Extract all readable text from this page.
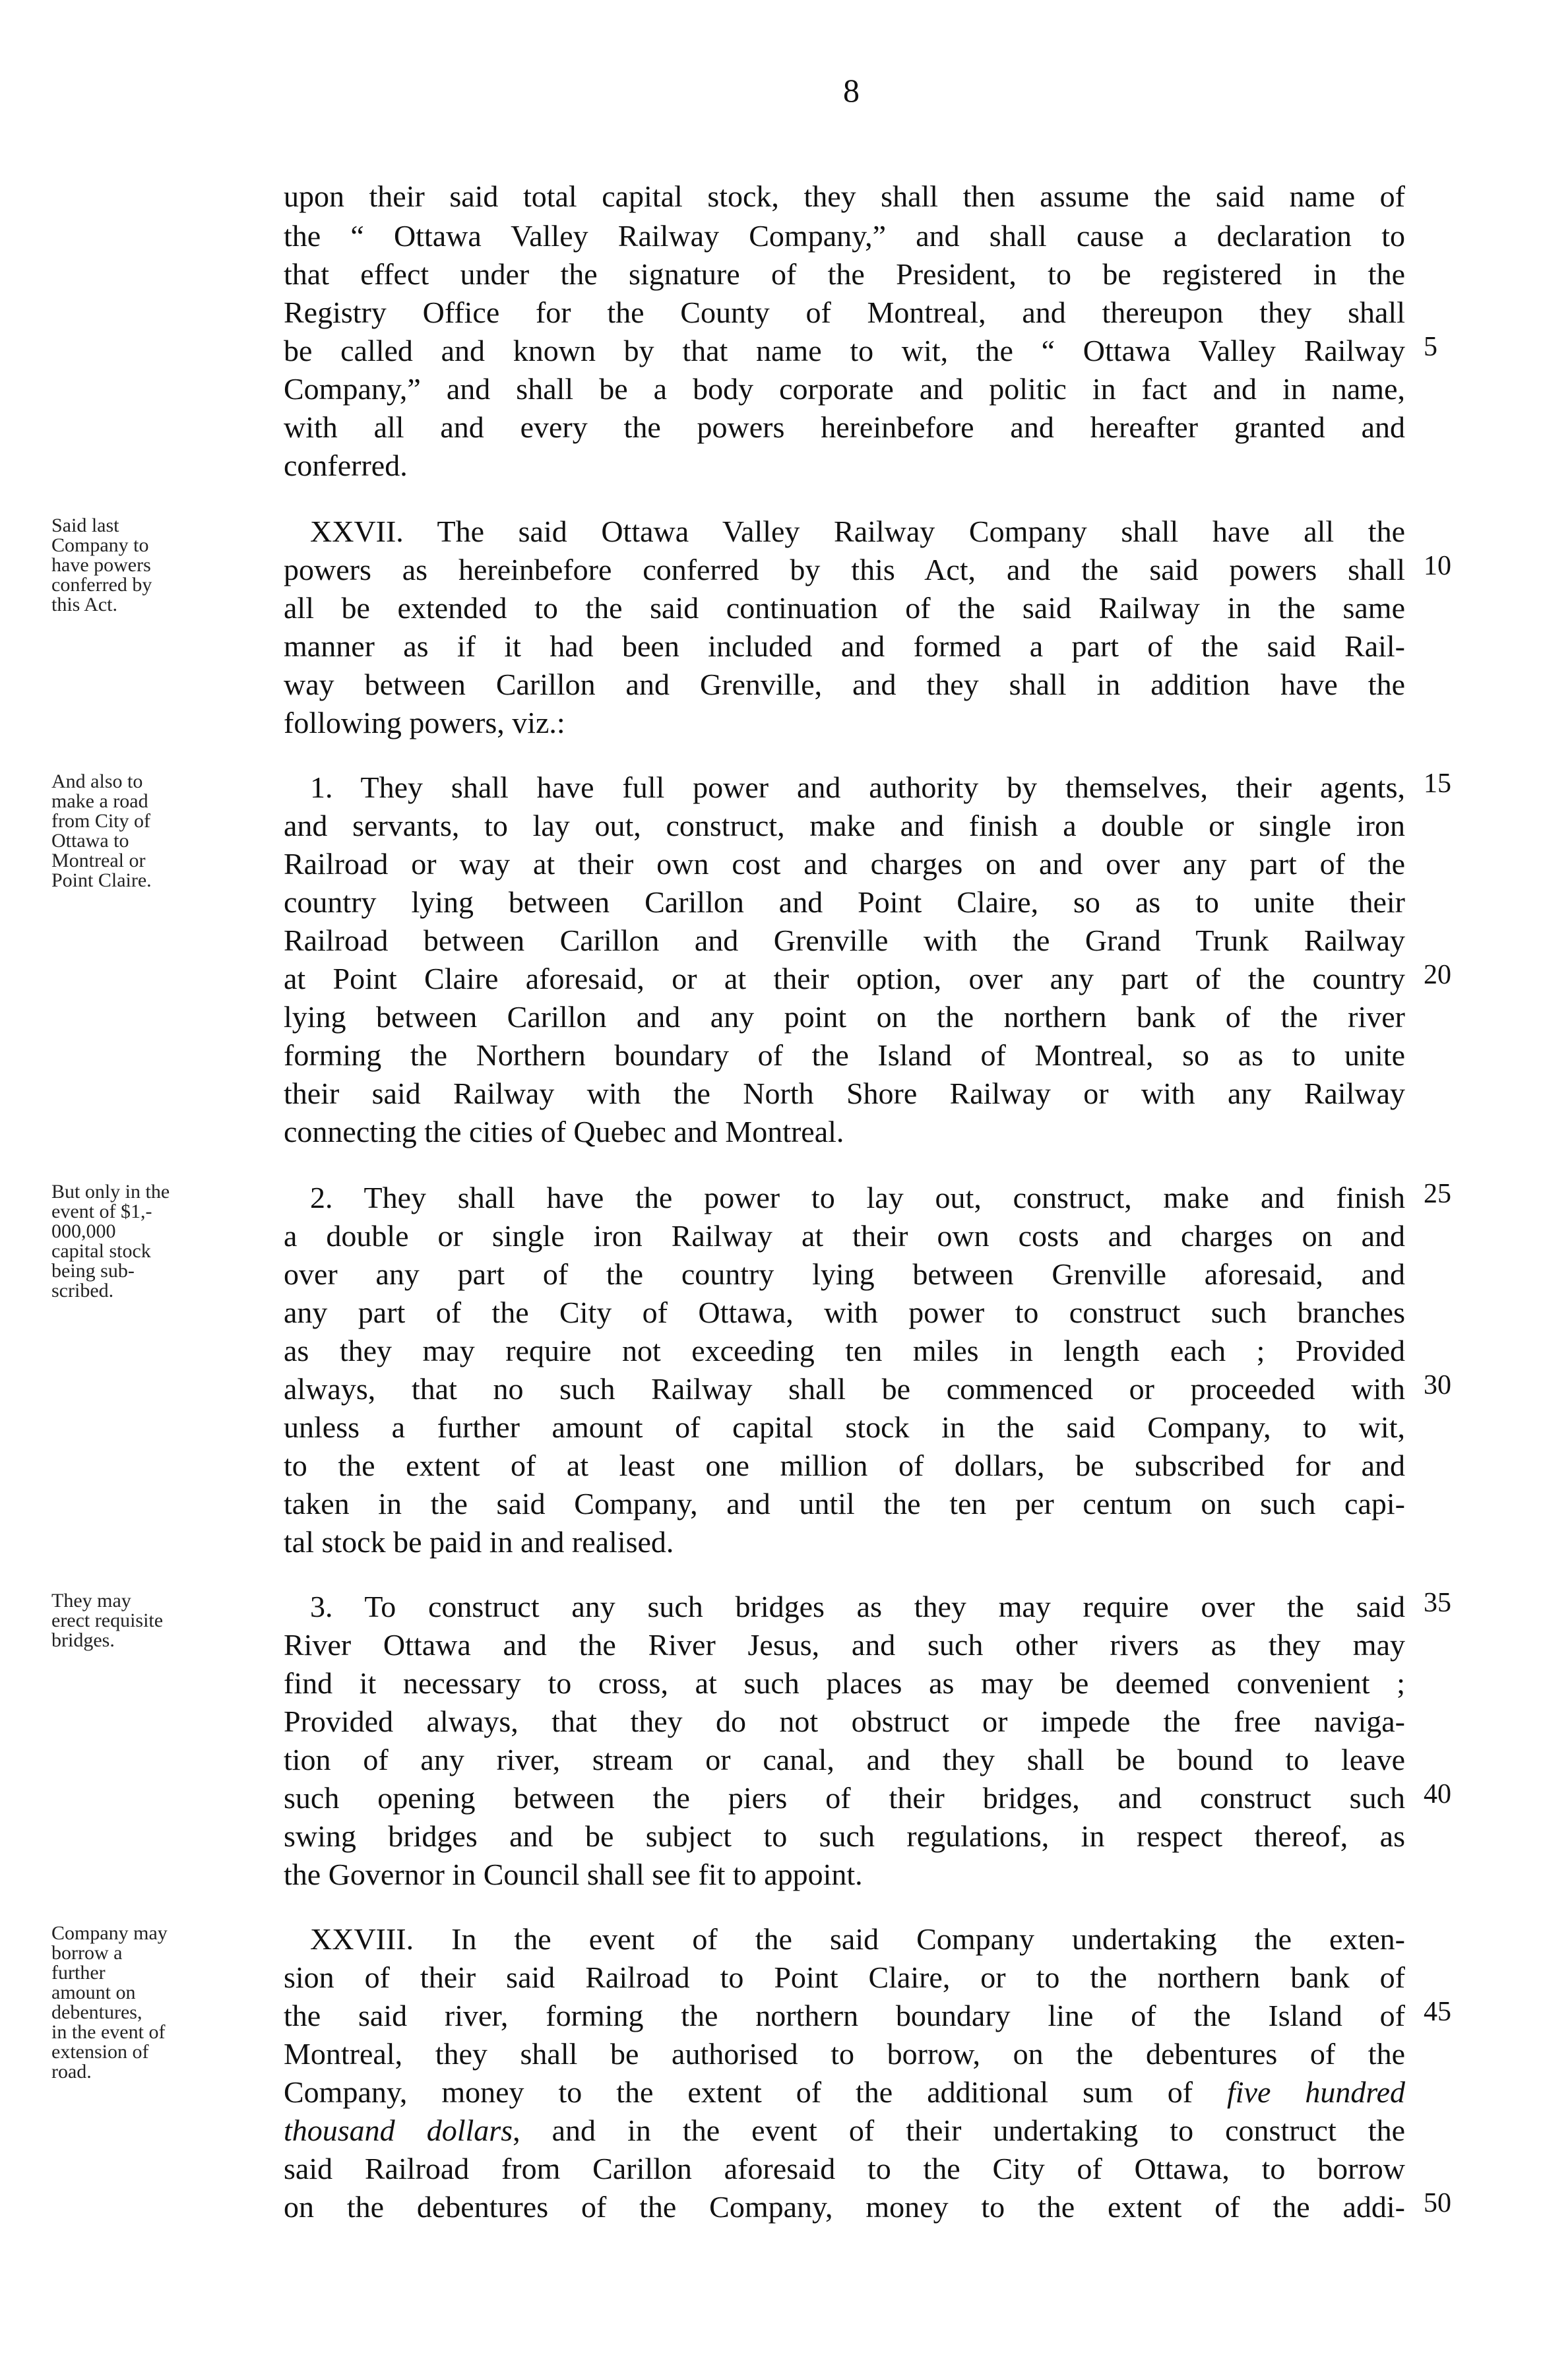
8
upon their said total capital stock, they shall then assume the said name of
the “ Ottawa Valley Railway Company,” and shall cause a declaration to
that effect under the signature of the President, to be registered in the
Registry Office for the County of Montreal, and thereupon they shall
be called and known by that name to wit, the “ Ottawa Valley Railway
Company,” and shall be a body corporate and politic in fact and in name,
with all and every the powers hereinbefore and hereafter granted and
conferred.
XXVII. The said Ottawa Valley Railway Company shall have all the
powers as hereinbefore conferred by this Act, and the said powers shall
all be extended to the said continuation of the said Railway in the same
manner as if it had been included and formed a part of the said Rail-
way between Carillon and Grenville, and they shall in addition have the
following powers, viz.:
1. They shall have full power and authority by themselves, their agents,
and servants, to lay out, construct, make and finish a double or single iron
Railroad or way at their own cost and charges on and over any part of the
country lying between Carillon and Point Claire, so as to unite their
Railroad between Carillon and Grenville with the Grand Trunk Railway
at Point Claire aforesaid, or at their option, over any part of the country
lying between Carillon and any point on the northern bank of the river
forming the Northern boundary of the Island of Montreal, so as to unite
their said Railway with the North Shore Railway or with any Railway
connecting the cities of Quebec and Montreal.
2. They shall have the power to lay out, construct, make and finish
a double or single iron Railway at their own costs and charges on and
over any part of the country lying between Grenville aforesaid, and
any part of the City of Ottawa, with power to construct such branches
as they may require not exceeding ten miles in length each ; Provided
always, that no such Railway shall be commenced or proceeded with
unless a further amount of capital stock in the said Company, to wit,
to the extent of at least one million of dollars, be subscribed for and
taken in the said Company, and until the ten per centum on such capi-
tal stock be paid in and realised.
3. To construct any such bridges as they may require over the said
River Ottawa and the River Jesus, and such other rivers as they may
find it necessary to cross, at such places as may be deemed convenient ;
Provided always, that they do not obstruct or impede the free naviga-
tion of any river, stream or canal, and they shall be bound to leave
such opening between the piers of their bridges, and construct such
swing bridges and be subject to such regulations, in respect thereof, as
the Governor in Council shall see fit to appoint.
XXVIII. In the event of the said Company undertaking the exten-
sion of their said Railroad to Point Claire, or to the northern bank of
the said river, forming the northern boundary line of the Island of
Montreal, they shall be authorised to borrow, on the debentures of the
Company, money to the extent of the additional sum of five hundred
thousand dollars, and in the event of their undertaking to construct the
said Railroad from Carillon aforesaid to the City of Ottawa, to borrow
on the debentures of the Company, money to the extent of the addi-
Said last
Company to
have powers
conferred by
this Act.
And also to
make a road
from City of
Ottawa to
Montreal or
Point Claire.
But only in the
event of $1,-
000,000
capital stock
being sub-
scribed.
They may
erect requisite
bridges.
Company may
borrow a
further
amount on
debentures,
in the event of
extension of
road.
5
10
15
20
25
30
35
40
45
50
